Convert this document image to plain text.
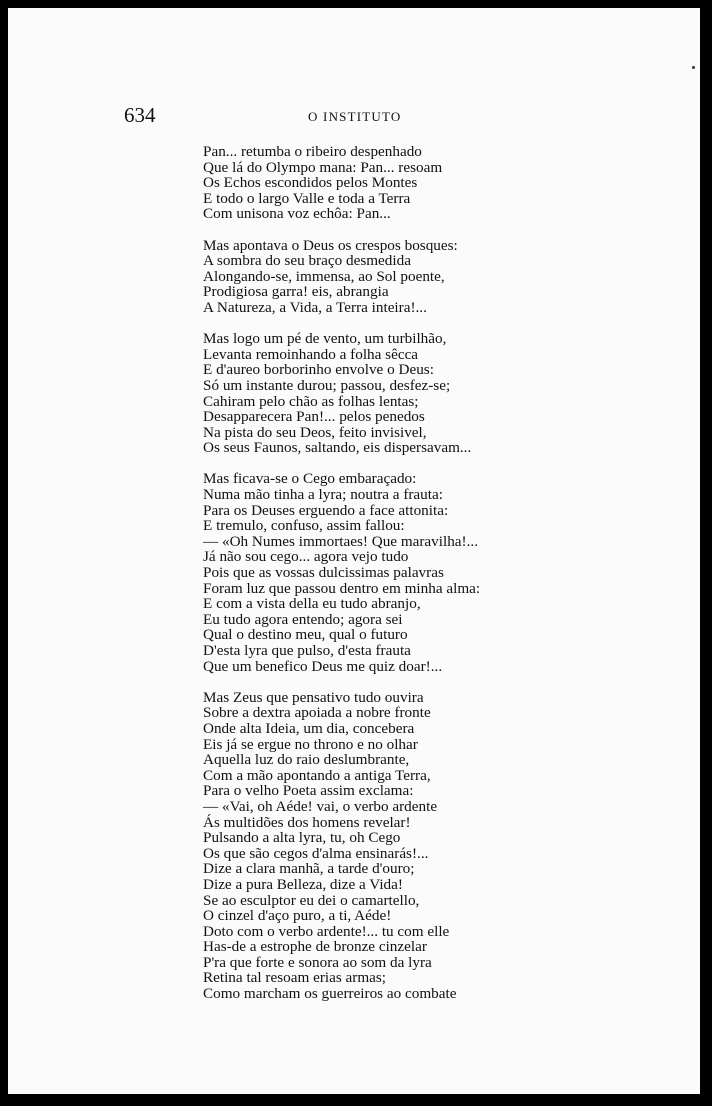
634	O INSTITUTO
Pan... retumba o ribeiro despenhado
Que lá do Olympo mana: Pan... resoam
Os Echos escondidos pelos Montes
E todo o largo Valle e toda a Terra
Com unisona voz echôa: Pan...
Mas apontava o Deus os crespos bosques:
A sombra do seu braço desmedida
Alongando-se, immensa, ao Sol poente,
Prodigiosa garra! eis, abrangia
A Natureza, a Vida, a Terra inteira!...
Mas logo um pé de vento, um turbilhão,
Levanta remoinhando a folha sêcca
E d'aureo borborinho envolve o Deus:
Só um instante durou; passou, desfez-se;
Cahiram pelo chão as folhas lentas;
Desapparecera Pan!... pelos penedos
Na pista do seu Deos, feito invisivel,
Os seus Faunos, saltando, eis dispersavam...
Mas ficava-se o Cego embaraçado:
Numa mão tinha a lyra; noutra a frauta:
Para os Deuses erguendo a face attonita:
E tremulo, confuso, assim fallou:
— «Oh Numes immortaes! Que maravilha!...
Já não sou cego... agora vejo tudo
Pois que as vossas dulcissimas palavras
Foram luz que passou dentro em minha alma:
E com a vista della eu tudo abranjo,
Eu tudo agora entendo; agora sei
Qual o destino meu, qual o futuro
D'esta lyra que pulso, d'esta frauta
Que um benefico Deus me quiz doar!...
Mas Zeus que pensativo tudo ouvira
Sobre a dextra apoiada a nobre fronte
Onde alta Ideia, um dia, concebera
Eis já se ergue no throno e no olhar
Aquella luz do raio deslumbrante,
Com a mão apontando a antiga Terra,
Para o velho Poeta assim exclama:
— «Vai, oh Aéde! vai, o verbo ardente
Ás multidões dos homens revelar!
Pulsando a alta lyra, tu, oh Cego
Os que são cegos d'alma ensinarás!...
Dize a clara manhã, a tarde d'ouro;
Dize a pura Belleza, dize a Vida!
Se ao esculptor eu dei o camartello,
O cinzel d'aço puro, a ti, Aéde!
Doto com o verbo ardente!... tu com elle
Has-de a estrophe de bronze cinzelar
P'ra que forte e sonora ao som da lyra
Retina tal resoam erias armas;
Como marcham os guerreiros ao combate
